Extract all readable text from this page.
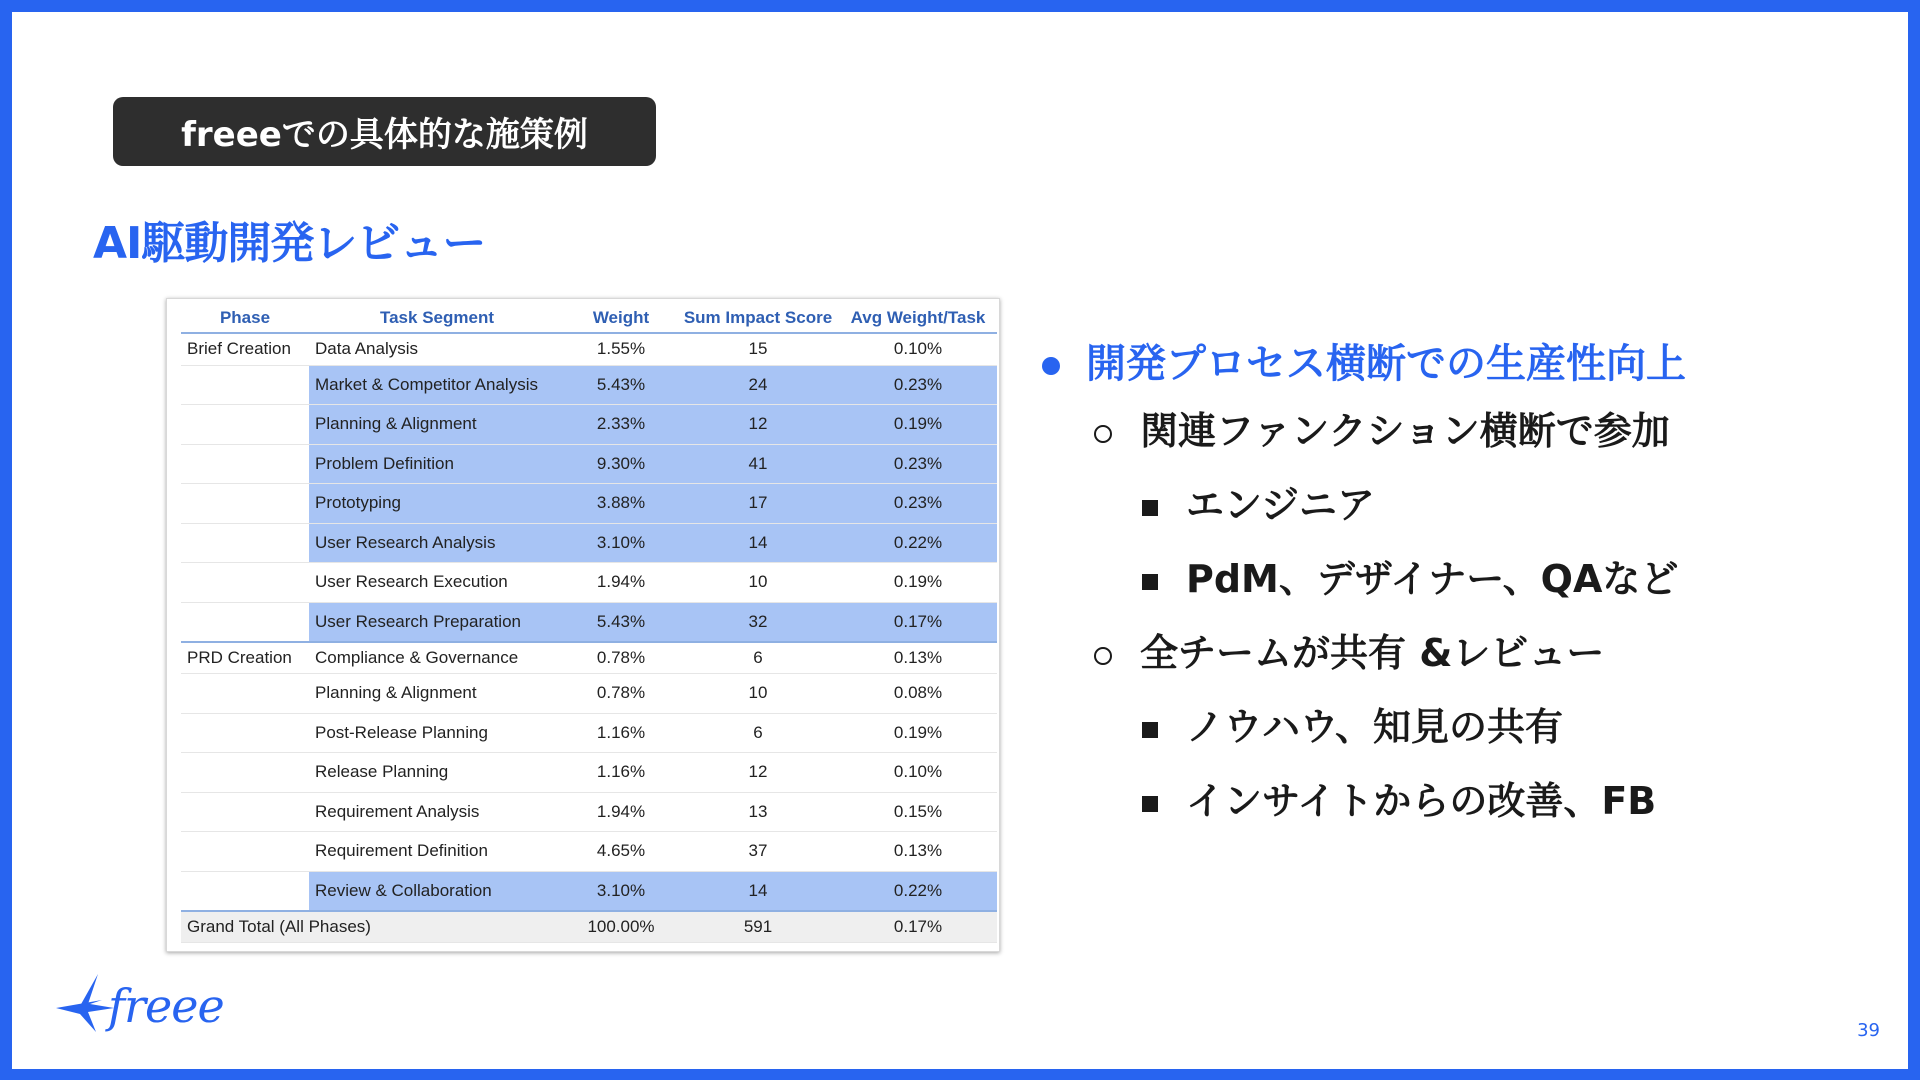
freeeでの具体的な施策例
AI駆動開発レビュー
Phase	Task Segment	Weight	Sum Impact Score	Avg Weight/Task
Brief Creation	Data Analysis	1.55%	15	0.10%
	Market & Competitor Analysis	5.43%	24	0.23%
	Planning & Alignment	2.33%	12	0.19%
	Problem Definition	9.30%	41	0.23%
	Prototyping	3.88%	17	0.23%
	User Research Analysis	3.10%	14	0.22%
	User Research Execution	1.94%	10	0.19%
	User Research Preparation	5.43%	32	0.17%
PRD Creation	Compliance & Governance	0.78%	6	0.13%
	Planning & Alignment	0.78%	10	0.08%
	Post-Release Planning	1.16%	6	0.19%
	Release Planning	1.16%	12	0.10%
	Requirement Analysis	1.94%	13	0.15%
	Requirement Definition	4.65%	37	0.13%
	Review & Collaboration	3.10%	14	0.22%
Grand Total (All Phases)		100.00%	591	0.17%
開発プロセス横断での生産性向上
関連ファンクション横断で参加
エンジニア
PdM、デザイナー、QAなど
全チームが共有 &レビュー
ノウハウ、知見の共有
インサイトからの改善、FB
freee	39
